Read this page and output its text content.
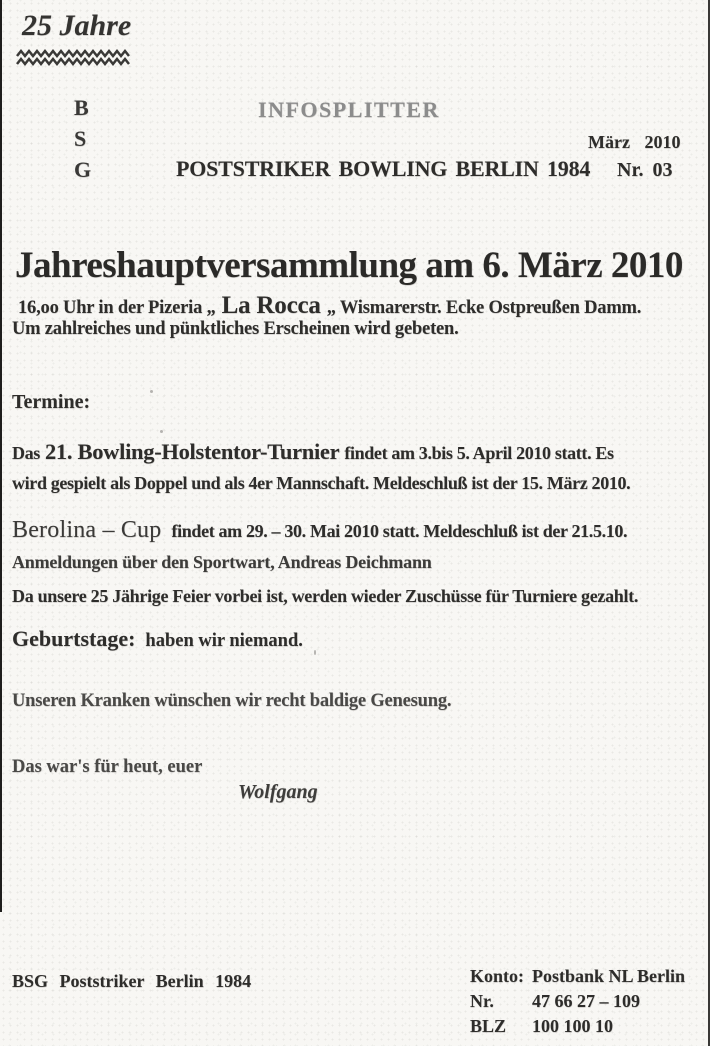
25 Jahre
B
S
G
INFOSPLITTER
März 2010
POSTSTRIKER BOWLING BERLIN 1984 Nr. 03
Jahreshauptversammlung am 6. März 2010
16,oo Uhr in der Pizeria „ La Rocca „ Wismarerstr. Ecke Ostpreußen Damm.
Um zahlreiches und pünktliches Erscheinen wird gebeten.
Termine:
Das 21. Bowling-Holstentor-Turnier findet am 3.bis 5. April 2010 statt. Es
wird gespielt als Doppel und als 4er Mannschaft. Meldeschluß ist der 15. März 2010.
Berolina – Cup findet am 29. – 30. Mai 2010 statt. Meldeschluß ist der 21.5.10.
Anmeldungen über den Sportwart, Andreas Deichmann
Da unsere 25 Jährige Feier vorbei ist, werden wieder Zuschüsse für Turniere gezahlt.
Geburtstage: haben wir niemand.
Unseren Kranken wünschen wir recht baldige Genesung.
Das war's für heut, euer
Wolfgang
BSG Poststriker Berlin 1984	Konto: Postbank NL Berlin
Nr.	47 66 27 – 109
BLZ	100 100 10
